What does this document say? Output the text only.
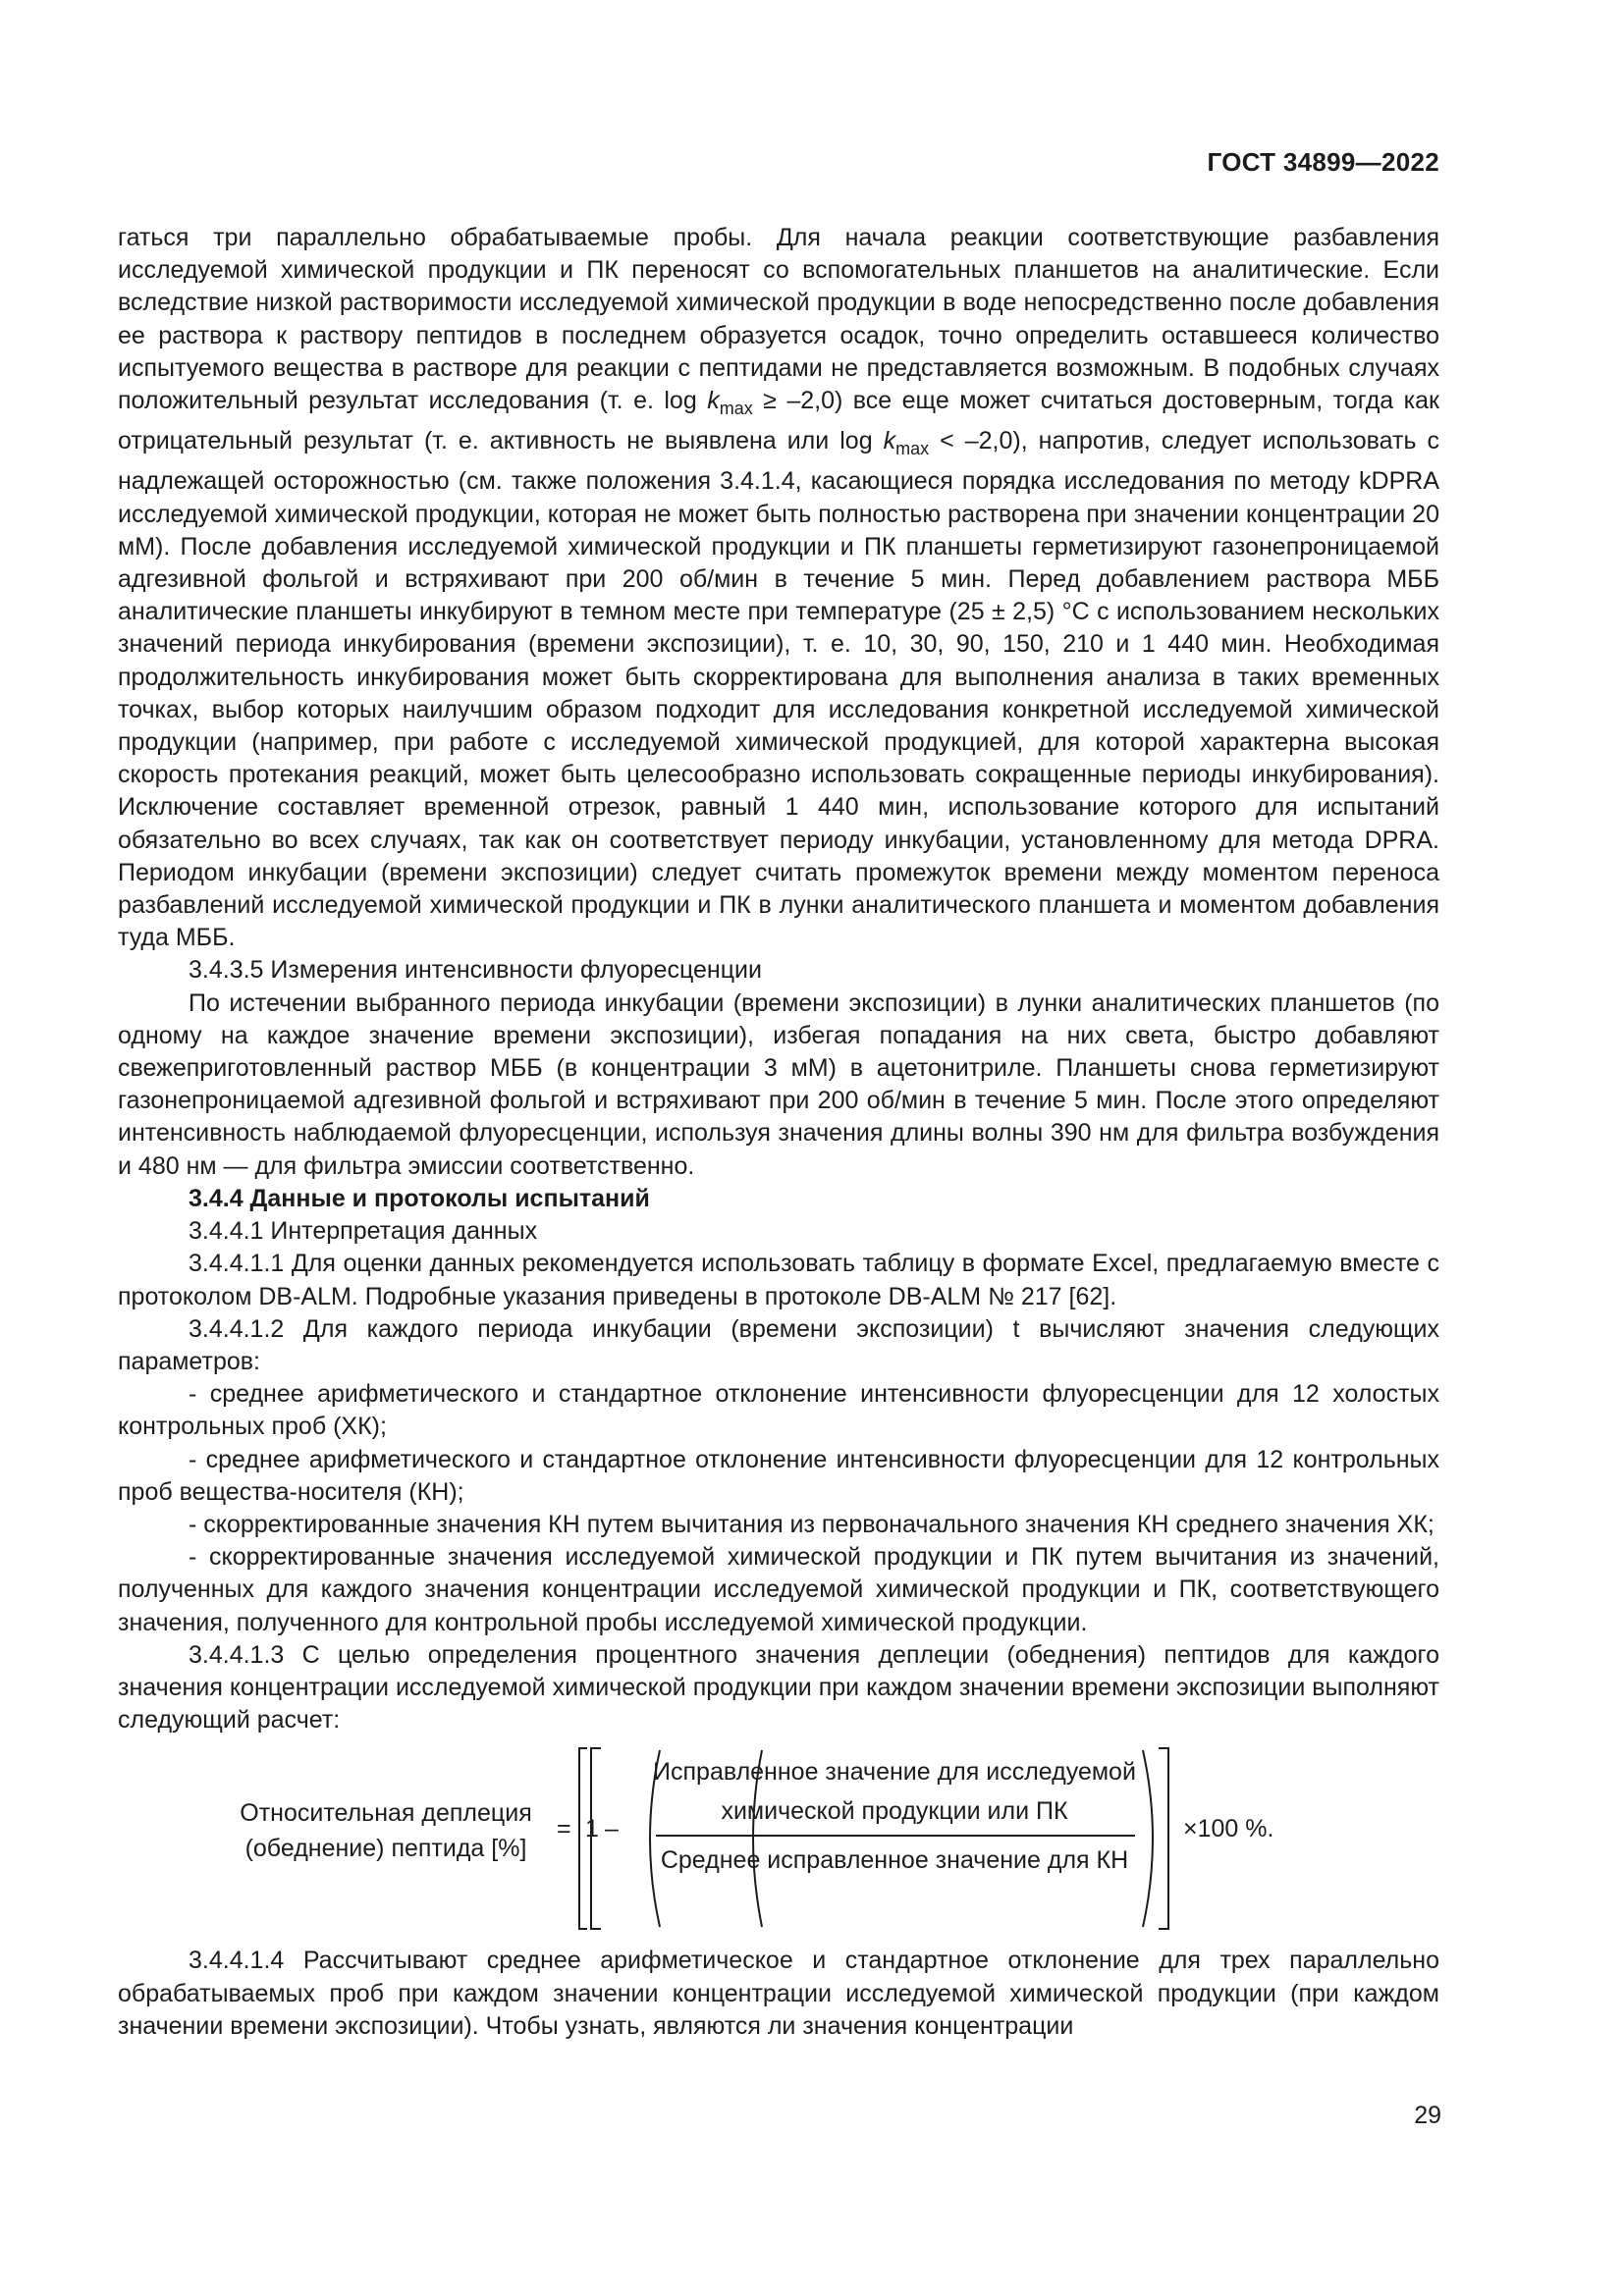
ГОСТ 34899—2022

гаться три параллельно обрабатываемые пробы. Для начала реакции соответствующие разбавления исследуемой химической продукции и ПК переносят со вспомогательных планшетов на аналитические. Если вследствие низкой растворимости исследуемой химической продукции в воде непосредственно после добавления ее раствора к раствору пептидов в последнем образуется осадок, точно определить оставшееся количество испытуемого вещества в растворе для реакции с пептидами не представляется возможным. В подобных случаях положительный результат исследования (т. е. $\log k_{max} \ge -2,0$) все еще может считаться достоверным, тогда как отрицательный результат (т. е. активность не выявлена или $\log k_{max} < -2,0$), напротив, следует использовать с надлежащей осторожностью (см. также положения 3.4.1.4, касающиеся порядка исследования по методу kDPRA исследуемой химической продукции, которая не может быть полностью растворена при значении концентрации 20 мМ). После добавления исследуемой химической продукции и ПК планшеты герметизируют газонепроницаемой адгезивной фольгой и встряхивают при 200 об/мин в течение 5 мин. Перед добавлением раствора МББ аналитические планшеты инкубируют в темном месте при температуре (25 ± 2,5) °С с использованием нескольких значений периода инкубирования (времени экспозиции), т. е. 10, 30, 90, 150, 210 и 1 440 мин. Необходимая продолжительность инкубирования может быть скорректирована для выполнения анализа в таких временных точках, выбор которых наилучшим образом подходит для исследования конкретной исследуемой химической продукции (например, при работе с исследуемой химической продукцией, для которой характерна высокая скорость протекания реакций, может быть целесообразно использовать сокращенные периоды инкубирования). Исключение составляет временной отрезок, равный 1 440 мин, использование которого для испытаний обязательно во всех случаях, так как он соответствует периоду инкубации, установленному для метода DPRA. Периодом инкубации (времени экспозиции) следует считать промежуток времени между моментом переноса разбавлений исследуемой химической продукции и ПК в лунки аналитического планшета и моментом добавления туда МББ.

3.4.3.5 Измерения интенсивности флуоресценции

По истечении выбранного периода инкубации (времени экспозиции) в лунки аналитических планшетов (по одному на каждое значение времени экспозиции), избегая попадания на них света, быстро добавляют свежеприготовленный раствор МББ (в концентрации 3 мМ) в ацетонитриле. Планшеты снова герметизируют газонепроницаемой адгезивной фольгой и встряхивают при 200 об/мин в течение 5 мин. После этого определяют интенсивность наблюдаемой флуоресценции, используя значения длины волны 390 нм для фильтра возбуждения и 480 нм — для фильтра эмиссии соответственно.

3.4.4 Данные и протоколы испытаний

3.4.4.1 Интерпретация данных

3.4.4.1.1 Для оценки данных рекомендуется использовать таблицу в формате Excel, предлагаемую вместе с протоколом DB-ALM. Подробные указания приведены в протоколе DB-ALM № 217 [62].

3.4.4.1.2 Для каждого периода инкубации (времени экспозиции) t вычисляют значения следующих параметров:

- среднее арифметического и стандартное отклонение интенсивности флуоресценции для 12 холостых контрольных проб (ХК);

- среднее арифметического и стандартное отклонение интенсивности флуоресценции для 12 контрольных проб вещества-носителя (КН);

- скорректированные значения КН путем вычитания из первоначального значения КН среднего значения ХК;

- скорректированные значения исследуемой химической продукции и ПК путем вычитания из значений, полученных для каждого значения концентрации исследуемой химической продукции и ПК, соответствующего значения, полученного для контрольной пробы исследуемой химической продукции.

3.4.4.1.3 С целью определения процентного значения деплеции (обеднения) пептидов для каждого значения концентрации исследуемой химической продукции при каждом значении времени экспозиции выполняют следующий расчет:

Относительная деплеция
(обеднение) пептида [%]
= 1 –
Исправленное значение для исследуемой
химической продукции или ПК
Среднее исправленное значение для КН
×100 %.

3.4.4.1.4 Рассчитывают среднее арифметическое и стандартное отклонение для трех параллельно обрабатываемых проб при каждом значении концентрации исследуемой химической продукции (при каждом значении времени экспозиции). Чтобы узнать, являются ли значения концентрации

29
